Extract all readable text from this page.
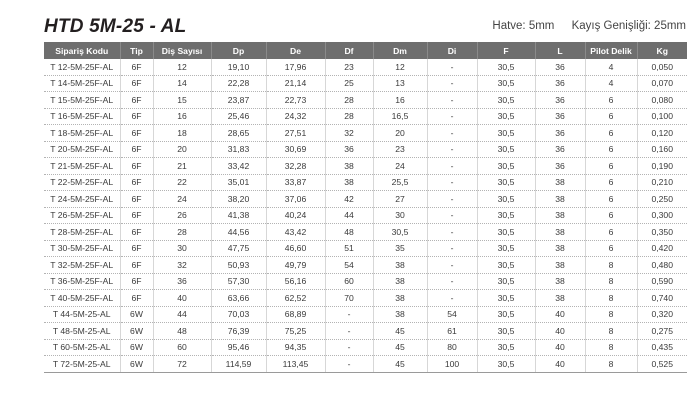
HTD 5M-25 - AL	Hatve: 5mm Kayış Genişliği: 25mm
Sipariş Kodu	Tip	Diş Sayısı	Dp	De	Df	Dm	Di	F	L	Pilot Delik	Kg
T 12-5M-25F-AL	6F	12	19,10	17,96	23	12	-	30,5	36	4	0,050
T 14-5M-25F-AL	6F	14	22,28	21,14	25	13	-	30,5	36	4	0,070
T 15-5M-25F-AL	6F	15	23,87	22,73	28	16	-	30,5	36	6	0,080
T 16-5M-25F-AL	6F	16	25,46	24,32	28	16,5	-	30,5	36	6	0,100
T 18-5M-25F-AL	6F	18	28,65	27,51	32	20	-	30,5	36	6	0,120
T 20-5M-25F-AL	6F	20	31,83	30,69	36	23	-	30,5	36	6	0,160
T 21-5M-25F-AL	6F	21	33,42	32,28	38	24	-	30,5	36	6	0,190
T 22-5M-25F-AL	6F	22	35,01	33,87	38	25,5	-	30,5	38	6	0,210
T 24-5M-25F-AL	6F	24	38,20	37,06	42	27	-	30,5	38	6	0,250
T 26-5M-25F-AL	6F	26	41,38	40,24	44	30	-	30,5	38	6	0,300
T 28-5M-25F-AL	6F	28	44,56	43,42	48	30,5	-	30,5	38	6	0,350
T 30-5M-25F-AL	6F	30	47,75	46,60	51	35	-	30,5	38	6	0,420
T 32-5M-25F-AL	6F	32	50,93	49,79	54	38	-	30,5	38	8	0,480
T 36-5M-25F-AL	6F	36	57,30	56,16	60	38	-	30,5	38	8	0,590
T 40-5M-25F-AL	6F	40	63,66	62,52	70	38	-	30,5	38	8	0,740
T 44-5M-25-AL	6W	44	70,03	68,89	-	38	54	30,5	40	8	0,320
T 48-5M-25-AL	6W	48	76,39	75,25	-	45	61	30,5	40	8	0,275
T 60-5M-25-AL	6W	60	95,46	94,35	-	45	80	30,5	40	8	0,435
T 72-5M-25-AL	6W	72	114,59	113,45	-	45	100	30,5	40	8	0,525
